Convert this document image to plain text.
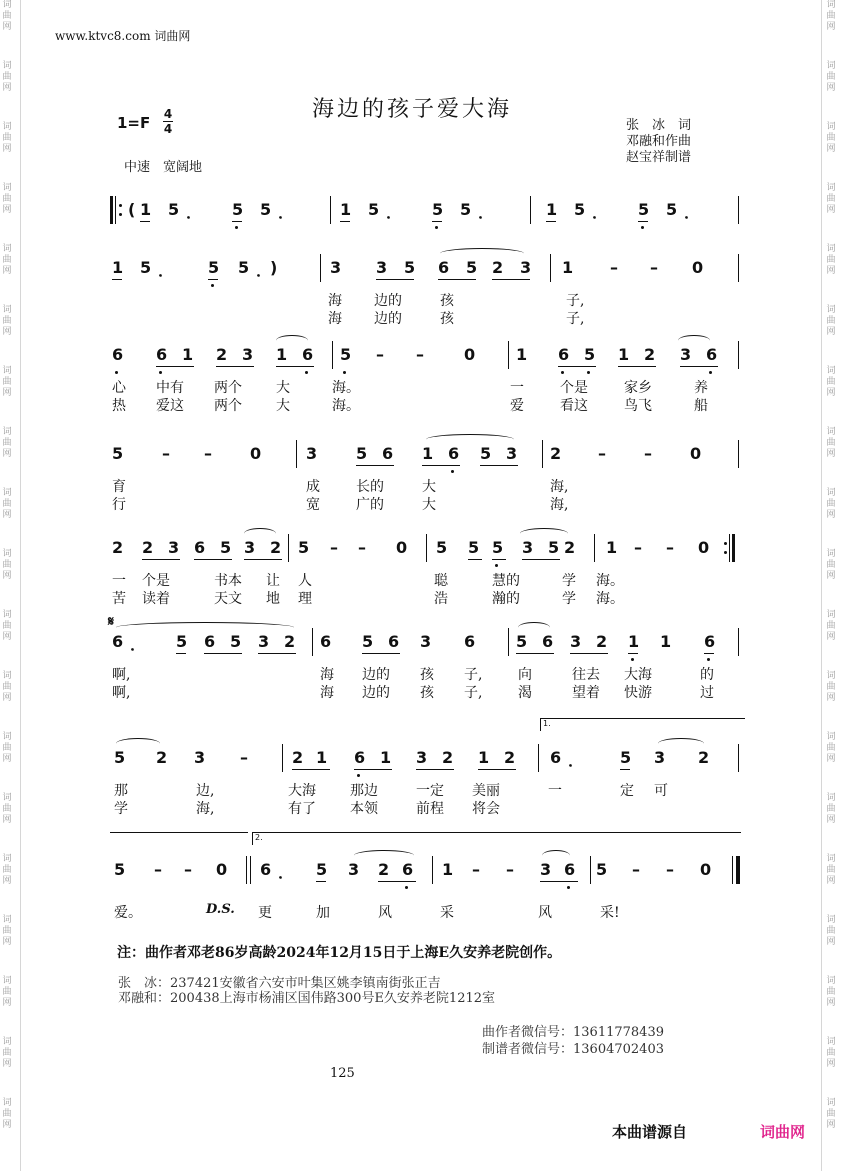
词
曲
网
词
曲
网
词
曲
网
词
曲
网
词
曲
网
词
曲
网
词
曲
网
词
曲
网
词
曲
网
词
曲
网
词
曲
网
词
曲
网
词
曲
网
词
曲
网
词
曲
网
词
曲
网
词
曲
网
词
曲
网
词
曲
网
词
曲
网
词
曲
网
词
曲
网
词
曲
网
词
曲
网
词
曲
网
词
曲
网
词
曲
网
词
曲
网
词
曲
网
词
曲
网
词
曲
网
词
曲
网
词
曲
网
词
曲
网
词
曲
网
词
曲
网
词
曲
网
词
曲
网
www.ktvc8.com 词曲网
海边的孩子爱大海
1=F 4
4
中速　宽阔地
张　冰　词
邓融和作曲
赵宝祥制谱
( 1 5 ． 5 5 ．	1 5 ． 5 5 ．	1 5 ． 5 5 ．
1 5 ． 5 5 ．
)	3 3 5 6 5 2 3 1 – – 0
海 边的	孩	子,
海 边的	孩	子,
6 6 1 2 3 1 6 5 – –	0	1 6 5 1 2 3 6
心 中有 两个 大	海。	一	个是	家乡	养
热 爱这 两个 大	海。	爱	看这	鸟飞	船
5 – – 0	3 5 6 1 6 5 3 2 – – 0
育	成	长的	大	海,
行	宽	广的	大	海,
2 2 3 6 5 3 2 5 – – 0 5 5 5 3 5 2 1 – – 0
一 个是	书本 让 人	聪	慧的	学 海。
苦 读着	天文 地 理	浩	瀚的	学 海。
𝄋
6 ． 5 6 5 3 2 6 5 6 3 6	5 6 3 2 1 1 6
啊,	海 边的 孩 子,	向	往去 大海	的
啊,	海 边的 孩 子,	渴	望着 快游	过
5 2 3 –	2 1 6 1 3 2 1 2
1.
6 ． 5 3 2
那	边,	大海 那边	一定 美丽	一	定 可
学	海,	有了 本领	前程 将会
5 – – 0
2.
6 ． 5 3 2 6 1 – – 3 6 5 – – 0
D.S.
爱。	更	加	风	采	风	采!
注：曲作者邓老86岁高龄2024年12月15日于上海E久安养老院创作。
张　冰：237421安徽省六安市叶集区姚李镇南街张正吉
邓融和：200438上海市杨浦区国伟路300号E久安养老院1212室
曲作者微信号：13611778439
制谱者微信号：13604702403
125
本曲谱源自	词曲网
